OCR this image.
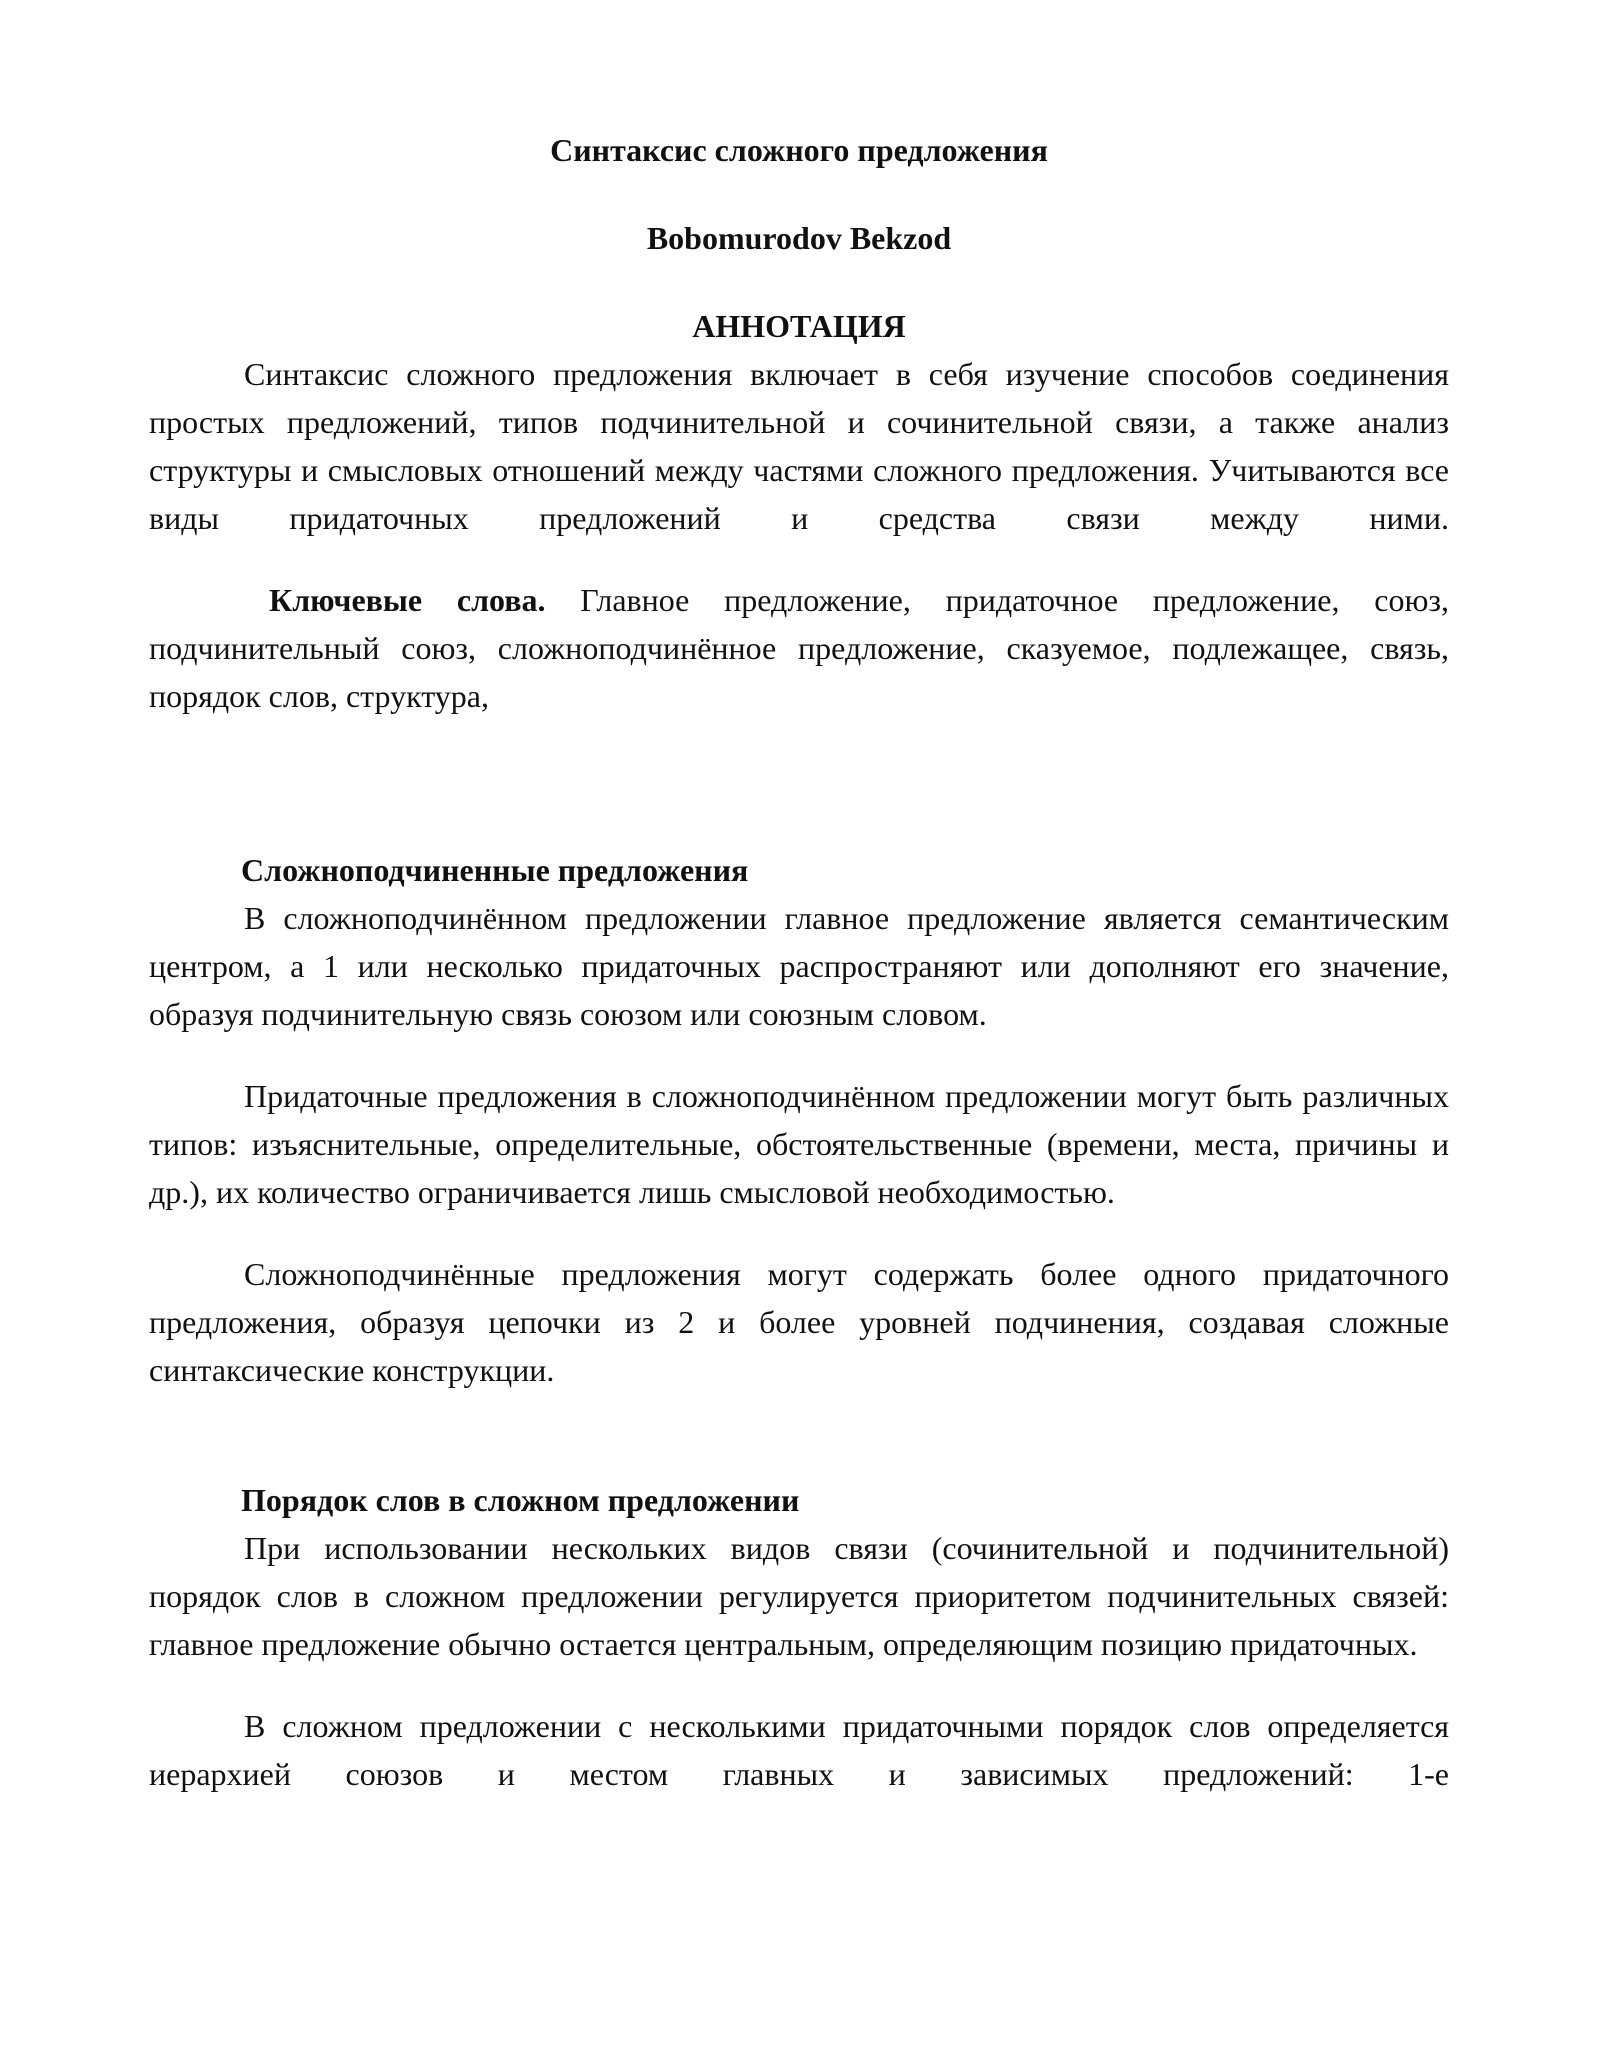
Синтаксис сложного предложения
Bobomurodov Bekzod
АННОТАЦИЯ

Синтаксис сложного предложения включает в себя изучение способов соединения простых предложений, типов подчинительной и сочинительной связи, а также анализ структуры и смысловых отношений между частями сложного предложения. Учитываются все виды придаточных предложений и средства связи между ними.

Ключевые слова. Главное предложение, придаточное предложение, союз, подчинительный союз, сложноподчинённое предложение, сказуемое, подлежащее, связь, порядок слов, структура,

Сложноподчиненные предложения

В сложноподчинённом предложении главное предложение является семантическим центром, а 1 или несколько придаточных распространяют или дополняют его значение, образуя подчинительную связь союзом или союзным словом.

Придаточные предложения в сложноподчинённом предложении могут быть различных типов: изъяснительные, определительные, обстоятельственные (времени, места, причины и др.), их количество ограничивается лишь смысловой необходимостью.

Сложноподчинённые предложения могут содержать более одного придаточного предложения, образуя цепочки из 2 и более уровней подчинения, создавая сложные синтаксические конструкции.

Порядок слов в сложном предложении

При использовании нескольких видов связи (сочинительной и подчинительной) порядок слов в сложном предложении регулируется приоритетом подчинительных связей: главное предложение обычно остается центральным, определяющим позицию придаточных.

В сложном предложении с несколькими придаточными порядок слов определяется иерархией союзов и местом главных и зависимых предложений: 1-е
